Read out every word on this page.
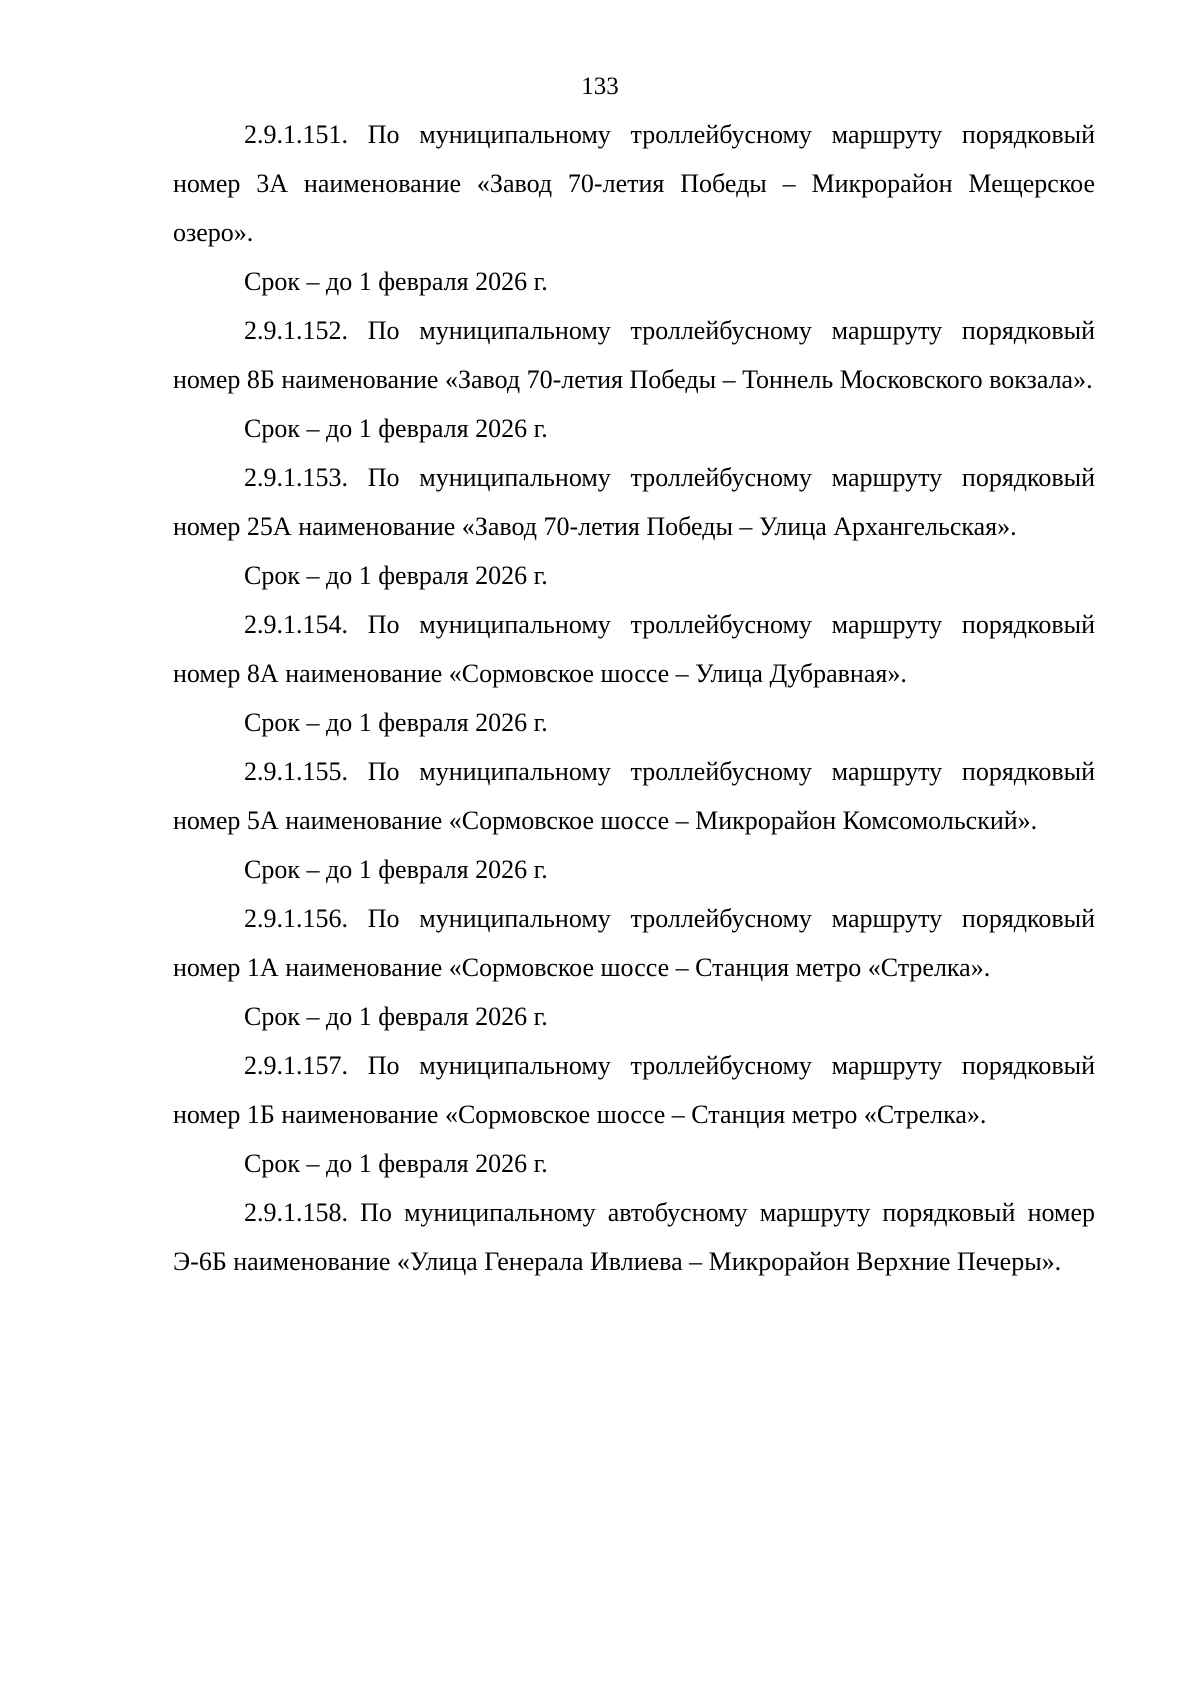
133

2.9.1.151. По муниципальному троллейбусному маршруту порядковый номер 3А наименование «Завод 70-летия Победы – Микрорайон Мещерское озеро».

Срок – до 1 февраля 2026 г.

2.9.1.152. По муниципальному троллейбусному маршруту порядковый номер 8Б наименование «Завод 70-летия Победы – Тоннель Московского вокзала».

Срок – до 1 февраля 2026 г.

2.9.1.153. По муниципальному троллейбусному маршруту порядковый номер 25А наименование «Завод 70-летия Победы – Улица Архангельская».

Срок – до 1 февраля 2026 г.

2.9.1.154. По муниципальному троллейбусному маршруту порядковый номер 8А наименование «Сормовское шоссе – Улица Дубравная».

Срок – до 1 февраля 2026 г.

2.9.1.155. По муниципальному троллейбусному маршруту порядковый номер 5А наименование «Сормовское шоссе – Микрорайон Комсомольский».

Срок – до 1 февраля 2026 г.

2.9.1.156. По муниципальному троллейбусному маршруту порядковый номер 1А наименование «Сормовское шоссе – Станция метро «Стрелка».

Срок – до 1 февраля 2026 г.

2.9.1.157. По муниципальному троллейбусному маршруту порядковый номер 1Б наименование «Сормовское шоссе – Станция метро «Стрелка».

Срок – до 1 февраля 2026 г.

2.9.1.158. По муниципальному автобусному маршруту порядковый номер Э-6Б наименование «Улица Генерала Ивлиева – Микрорайон Верхние Печеры».
